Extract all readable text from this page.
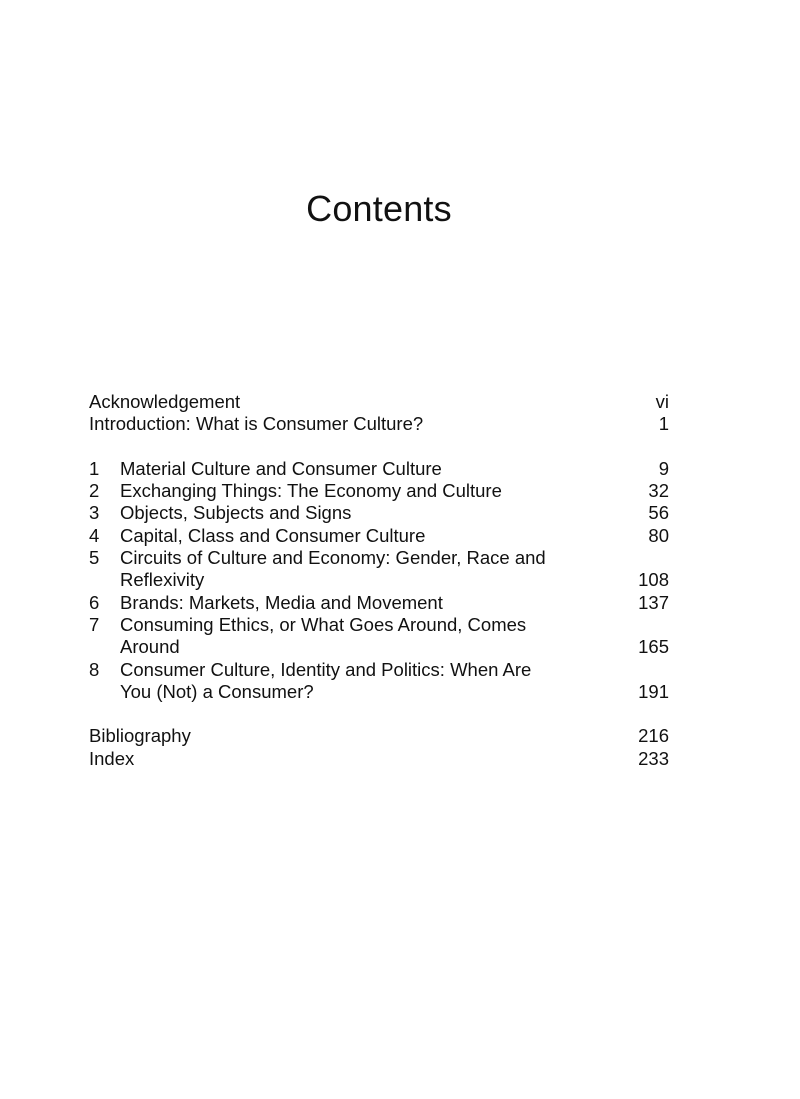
Contents
Acknowledgement	vi
Introduction: What is Consumer Culture?	1
1 Material Culture and Consumer Culture	9
2 Exchanging Things: The Economy and Culture	32
3 Objects, Subjects and Signs	56
4 Capital, Class and Consumer Culture	80
5 Circuits of Culture and Economy: Gender, Race and
Reflexivity	108
6 Brands: Markets, Media and Movement	137
7 Consuming Ethics, or What Goes Around, Comes
Around	165
8 Consumer Culture, Identity and Politics: When Are
You (Not) a Consumer?	191
Bibliography	216
Index	233
